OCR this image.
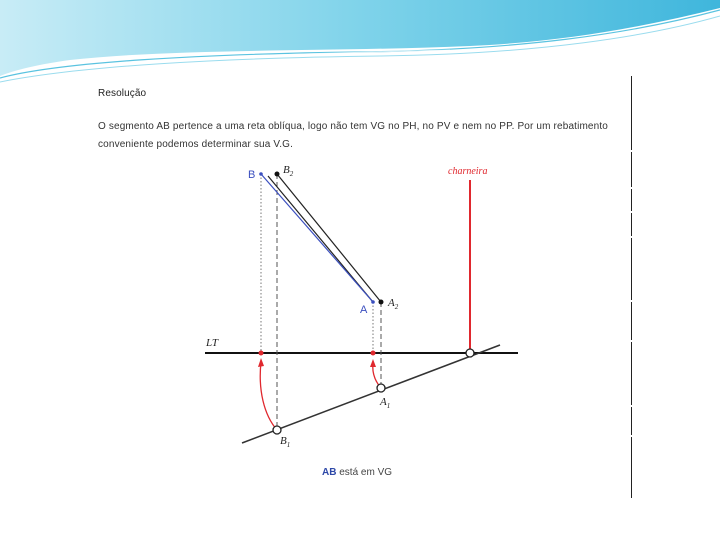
Resolução
O segmento AB pertence a uma reta oblíqua, logo não tem VG no PH, no PV e nem no PP. Por um rebatimento conveniente podemos determinar sua V.G.
B	$B_2$
A
$A_2$
LT
charneira
$A_1$
$B_1$
AB está em VG
